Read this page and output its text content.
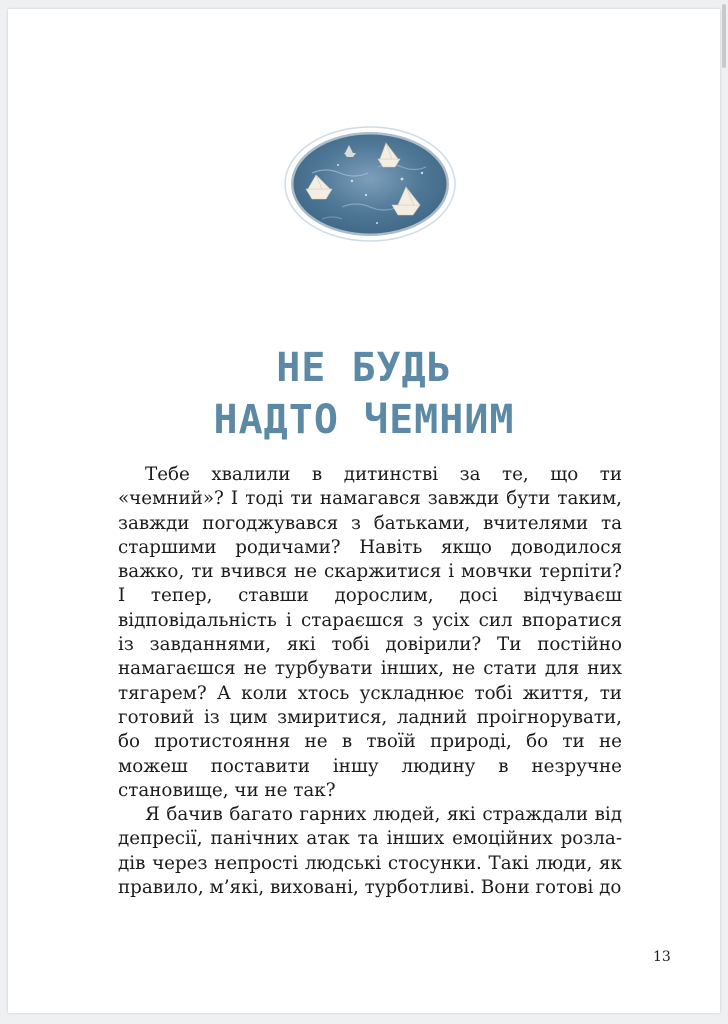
НЕ БУДЬ
НАДТО ЧЕМНИМ

Тебе хвалили в дитинстві за те, що ти «чемний»? І тоді ти намагався завжди бути таким, завжди погоджувався з батьками, вчителями та старшими родичами? Навіть якщо доводилося важко, ти вчився не скаржитися і мовчки терпіти? І тепер, ставши дорослим, досі відчуваєш відповідальність і стараєшся з усіх сил впоратися із завданнями, які тобі довірили? Ти постійно намагаєшся не турбувати інших, не стати для них тягарем? А коли хтось ускладнює тобі життя, ти готовий із цим змиритися, ладний проігнорувати, бо протистояння не в твоїй природі, бо ти не можеш поставити іншу людину в незручне становище, чи не так?

Я бачив багато гарних людей, які страждали від депресії, панічних атак та інших емоційних розладів через непрості людські стосунки. Такі люди, як правило, м’які, виховані, турботливі. Вони готові до

13
